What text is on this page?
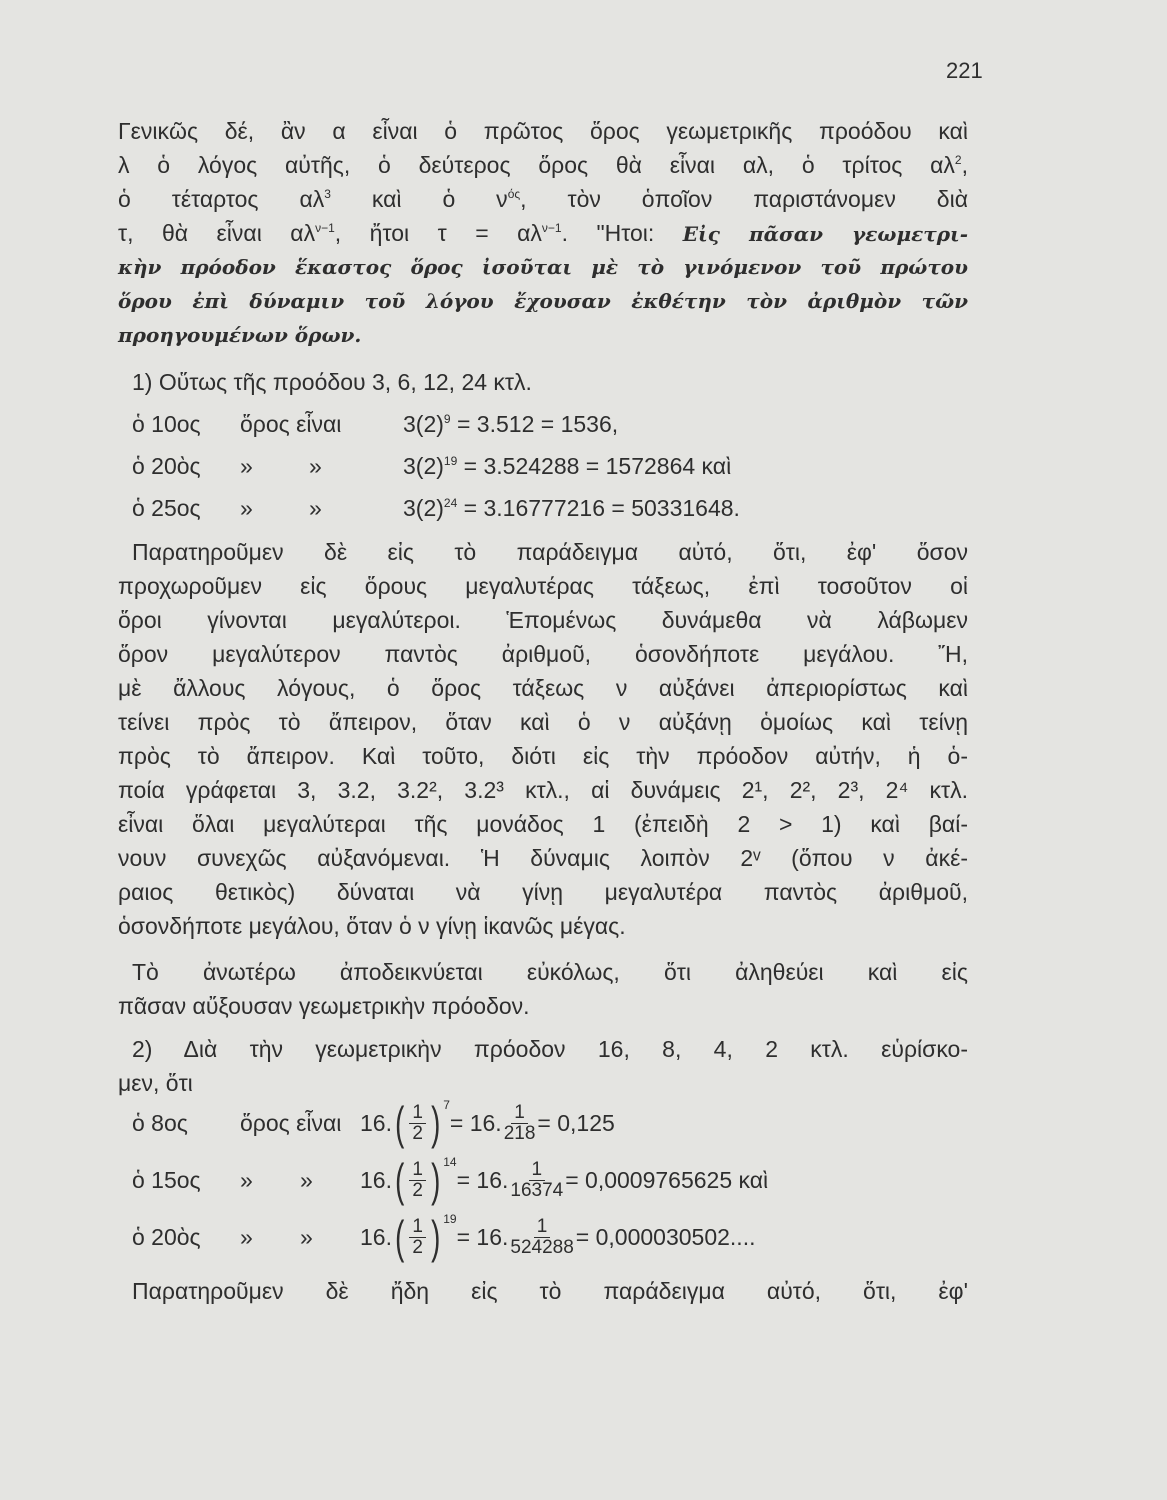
221
Γενικῶς δέ, ἂν α εἶναι ὁ πρῶτος ὅρος γεωμετρικῆς προόδου καὶ
λ ὁ λόγος αὐτῆς, ὁ δεύτερος ὅρος θὰ εἶναι αλ, ὁ τρίτος $\alpha\lambda^2$,
ὁ τέταρτος $\alpha\lambda^3$ καὶ ὁ $\nu^{ό\varsigma}$, τὸν ὁποῖον παριστάνομεν διὰ
τ, θὰ εἶναι $\alpha\lambda^{\nu-1}$, ἤτοι $\tau = \alpha\lambda^{\nu-1}$. "Ητοι: Εἰς πᾶσαν γεωμετρι-
κὴν πρόοδον ἕκαστος ὅρος ἰσοῦται μὲ τὸ γινόμενον τοῦ πρώτου
ὅρου ἐπὶ δύναμιν τοῦ λόγου ἔχουσαν ἐκθέτην τὸν ἀριθμὸν τῶν
προηγουμένων ὅρων.
1) Οὕτως τῆς προόδου 3, 6, 12, 24 κτλ.
ὁ 10ος ὅρος εἶναι	$3(2)^9 = 3.512 = 1536$,
ὁ 20ὸς » »	$3(2)^{19} = 3.524288 = 1572864$ καὶ
ὁ 25ος » »	$3(2)^{24} = 3.16777216 = 50331648$.
Παρατηροῦμεν δὲ εἰς τὸ παράδειγμα αὐτό, ὅτι, ἐφ' ὅσον
προχωροῦμεν εἰς ὅρους μεγαλυτέρας τάξεως, ἐπὶ τοσοῦτον οἱ
ὅροι γίνονται μεγαλύτεροι. Ἑπομένως δυνάμεθα νὰ λάβωμεν
ὅρον μεγαλύτερον παντὸς ἀριθμοῦ, ὁσονδήποτε μεγάλου. Ἤ,
μὲ ἄλλους λόγους, ὁ ὅρος τάξεως ν αὐξάνει ἀπεριορίστως καὶ
τείνει πρὸς τὸ ἄπειρον, ὅταν καὶ ὁ ν αὐξάνῃ ὁμοίως καὶ τείνῃ
πρὸς τὸ ἄπειρον. Καὶ τοῦτο, διότι εἰς τὴν πρόοδον αὐτήν, ἡ ὁ-
ποία γράφεται 3, 3.2, 3.2², 3.2³ κτλ., αἱ δυνάμεις 2¹, 2², 2³, 2⁴ κτλ.
εἶναι ὅλαι μεγαλύτεραι τῆς μονάδος 1 (ἐπειδὴ 2 > 1) καὶ βαί-
νουν συνεχῶς αὐξανόμεναι. Ἡ δύναμις λοιπὸν 2ᵛ (ὅπου ν ἀκέ-
ραιος θετικὸς) δύναται νὰ γίνῃ μεγαλυτέρα παντὸς ἀριθμοῦ,
ὁσονδήποτε μεγάλου, ὅταν ὁ ν γίνῃ ἱκανῶς μέγας.
Τὸ ἀνωτέρω ἀποδεικνύεται εὐκόλως, ὅτι ἀληθεύει καὶ εἰς
πᾶσαν αὔξουσαν γεωμετρικὴν πρόοδον.
2) Διὰ τὴν γεωμετρικὴν πρόοδον 16, 8, 4, 2 κτλ. εὑρίσκο-
μεν, ὅτι
ὁ 8ος	ὅρος εἶναι 16. ( $\frac{1}{2}$ ) 7
= 16. $\frac{1}{218} = 0,125$
ὁ 15ος	»	»	16. ( $\frac{1}{2}$ ) 14
= 16. $\frac{1}{16374} = 0,0009765625$ καὶ
ὁ 20ὸς	»	»	16. ( $\frac{1}{2}$ ) 19
= 16. $\frac{1}{524288} = 0,000030502$....
Παρατηροῦμεν δὲ ἤδη εἰς τὸ παράδειγμα αὐτό, ὅτι, ἐφ'
